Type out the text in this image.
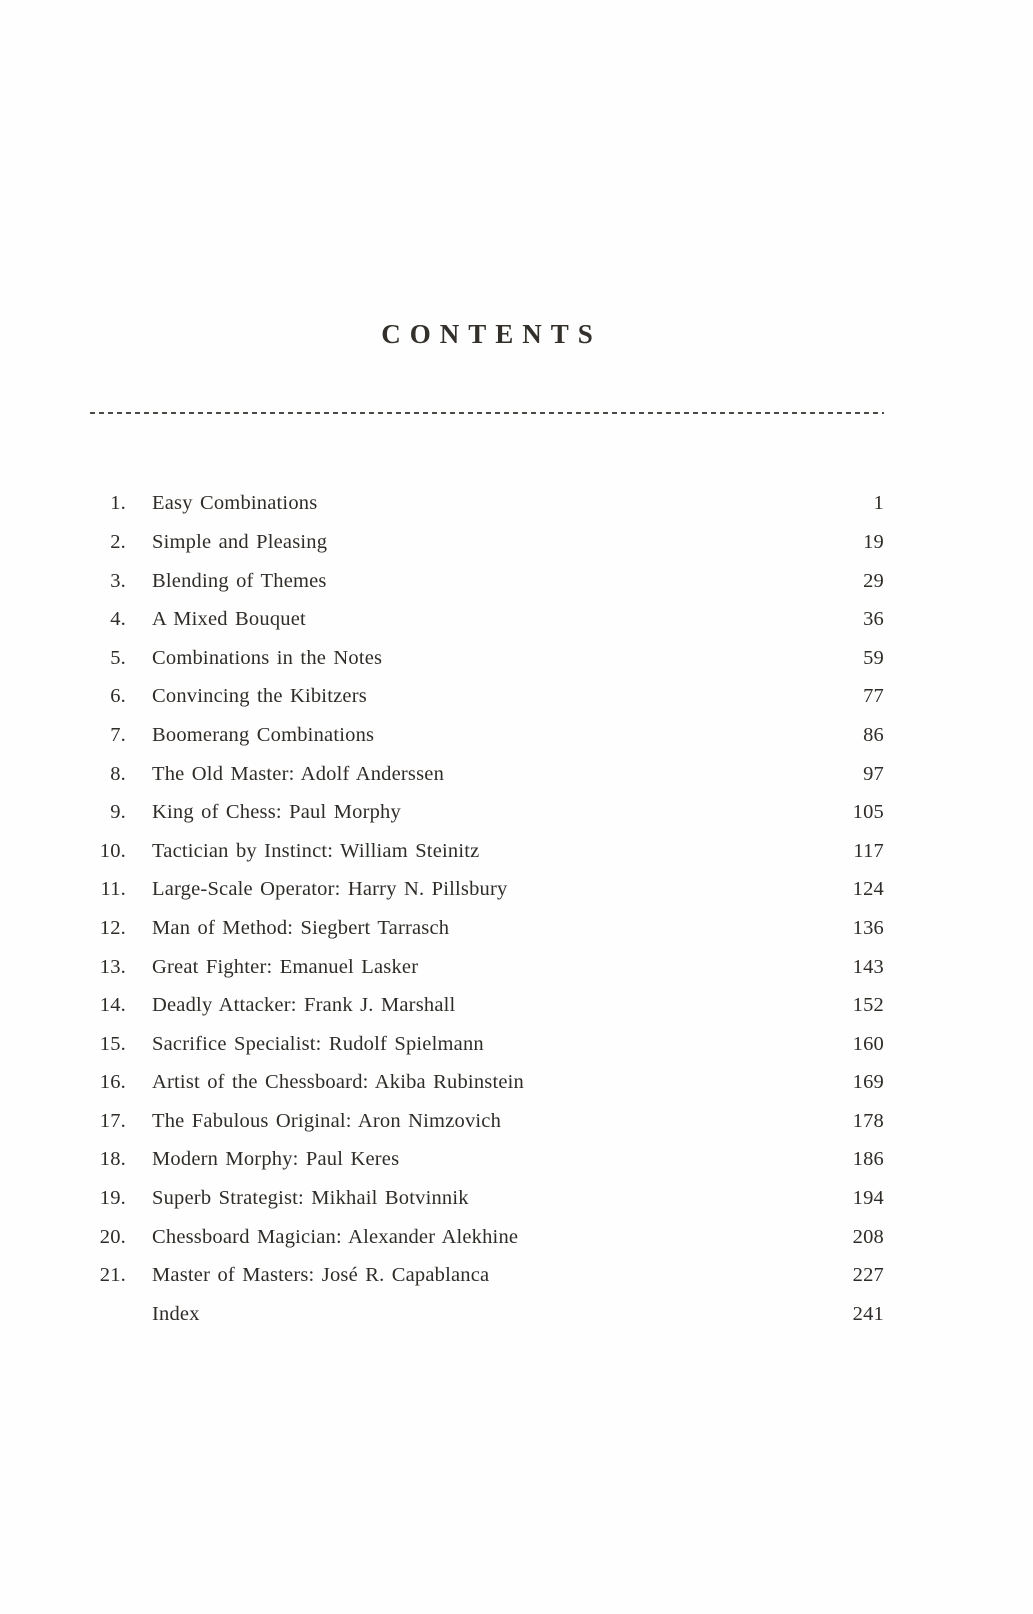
CONTENTS
1.	Easy Combinations	1
2.	Simple and Pleasing	19
3.	Blending of Themes	29
4.	A Mixed Bouquet	36
5.	Combinations in the Notes	59
6.	Convincing the Kibitzers	77
7.	Boomerang Combinations	86
8.	The Old Master: Adolf Anderssen	97
9.	King of Chess: Paul Morphy	105
10.	Tactician by Instinct: William Steinitz	117
11.	Large-Scale Operator: Harry N. Pillsbury	124
12.	Man of Method: Siegbert Tarrasch	136
13.	Great Fighter: Emanuel Lasker	143
14.	Deadly Attacker: Frank J. Marshall	152
15.	Sacrifice Specialist: Rudolf Spielmann	160
16.	Artist of the Chessboard: Akiba Rubinstein	169
17.	The Fabulous Original: Aron Nimzovich	178
18.	Modern Morphy: Paul Keres	186
19.	Superb Strategist: Mikhail Botvinnik	194
20.	Chessboard Magician: Alexander Alekhine	208
21.	Master of Masters: José R. Capablanca	227
Index	241
